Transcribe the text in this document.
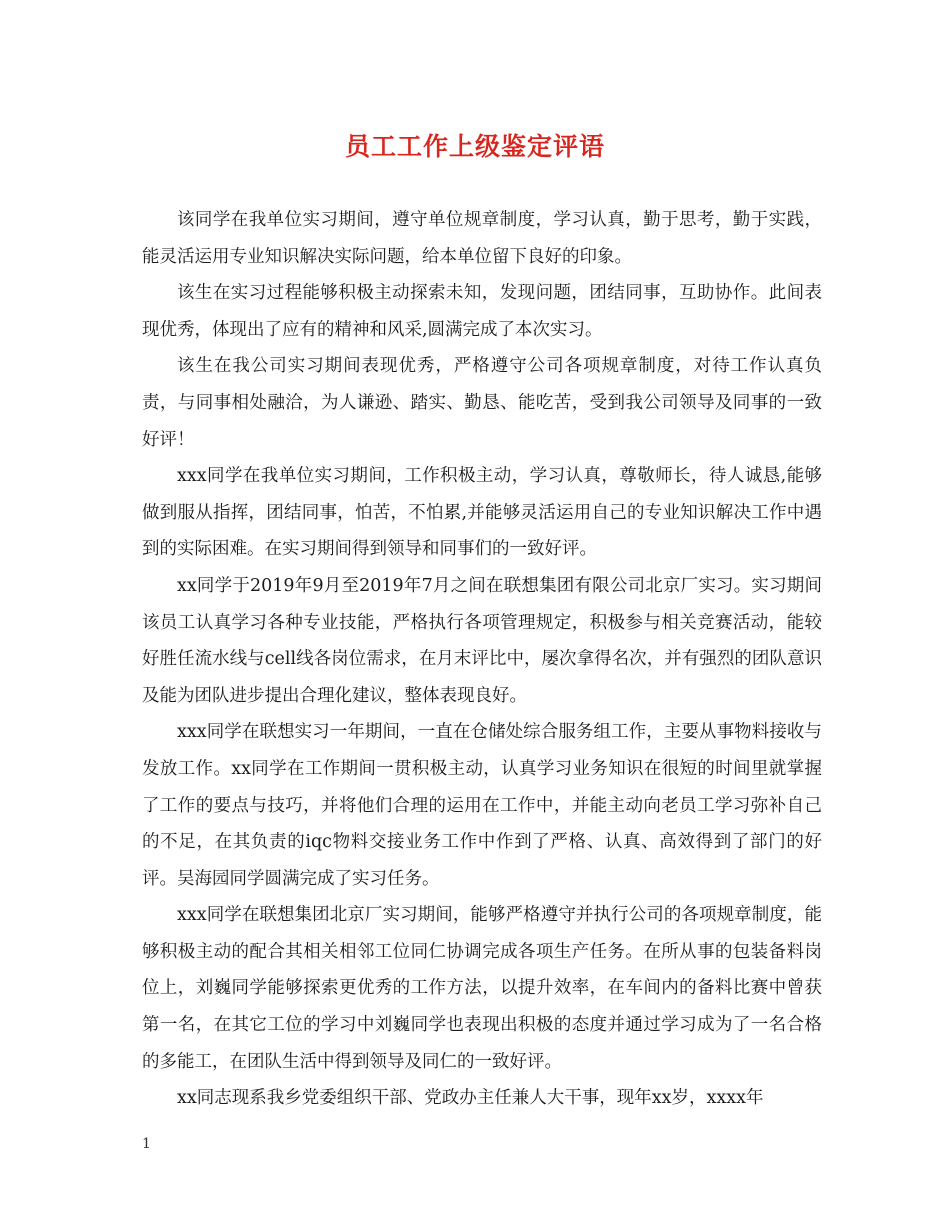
员工工作上级鉴定评语

该同学在我单位实习期间，遵守单位规章制度，学习认真，勤于思考，勤于实践，能灵活运用专业知识解决实际问题，给本单位留下良好的印象。

该生在实习过程能够积极主动探索未知，发现问题，团结同事，互助协作。此间表现优秀，体现出了应有的精神和风采,圆满完成了本次实习。

该生在我公司实习期间表现优秀，严格遵守公司各项规章制度，对待工作认真负责，与同事相处融洽，为人谦逊、踏实、勤恳、能吃苦，受到我公司领导及同事的一致好评！

xxx同学在我单位实习期间，工作积极主动，学习认真，尊敬师长，待人诚恳,能够做到服从指挥，团结同事，怕苦，不怕累,并能够灵活运用自己的专业知识解决工作中遇到的实际困难。在实习期间得到领导和同事们的一致好评。

xx同学于2019年9月至2019年7月之间在联想集团有限公司北京厂实习。实习期间该员工认真学习各种专业技能，严格执行各项管理规定，积极参与相关竞赛活动，能较好胜任流水线与cell线各岗位需求，在月末评比中，屡次拿得名次，并有强烈的团队意识及能为团队进步提出合理化建议，整体表现良好。

xxx同学在联想实习一年期间，一直在仓储处综合服务组工作，主要从事物料接收与发放工作。xx同学在工作期间一贯积极主动，认真学习业务知识在很短的时间里就掌握了工作的要点与技巧，并将他们合理的运用在工作中，并能主动向老员工学习弥补自己的不足，在其负责的iqc物料交接业务工作中作到了严格、认真、高效得到了部门的好评。吴海园同学圆满完成了实习任务。

xxx同学在联想集团北京厂实习期间，能够严格遵守并执行公司的各项规章制度，能够积极主动的配合其相关相邻工位同仁协调完成各项生产任务。在所从事的包装备料岗位上，刘巍同学能够探索更优秀的工作方法，以提升效率，在车间内的备料比赛中曾获第一名，在其它工位的学习中刘巍同学也表现出积极的态度并通过学习成为了一名合格的多能工，在团队生活中得到领导及同仁的一致好评。

xx同志现系我乡党委组织干部、党政办主任兼人大干事，现年xx岁，xxxx年

1
